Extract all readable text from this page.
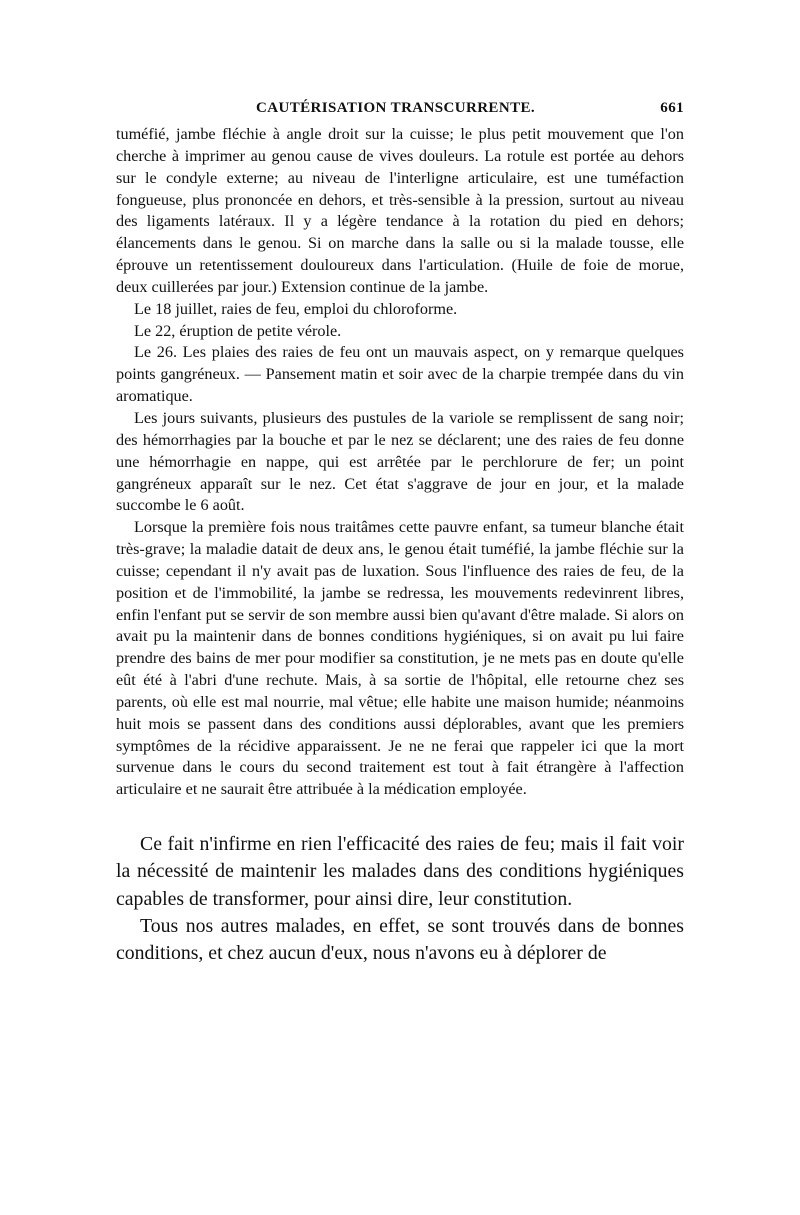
CAUTÉRISATION TRANSCURRENTE.	661

tuméfié, jambe fléchie à angle droit sur la cuisse; le plus petit mouvement que l'on cherche à imprimer au genou cause de vives douleurs. La rotule est portée au dehors sur le condyle externe; au niveau de l'interligne articulaire, est une tuméfaction fongueuse, plus prononcée en dehors, et très-sensible à la pression, surtout au niveau des ligaments latéraux. Il y a légère tendance à la rotation du pied en dehors; élancements dans le genou. Si on marche dans la salle ou si la malade tousse, elle éprouve un retentissement douloureux dans l'articulation. (Huile de foie de morue, deux cuillerées par jour.) Extension continue de la jambe.

Le 18 juillet, raies de feu, emploi du chloroforme.

Le 22, éruption de petite vérole.

Le 26. Les plaies des raies de feu ont un mauvais aspect, on y remarque quelques points gangréneux. — Pansement matin et soir avec de la charpie trempée dans du vin aromatique.

Les jours suivants, plusieurs des pustules de la variole se remplissent de sang noir; des hémorrhagies par la bouche et par le nez se déclarent; une des raies de feu donne une hémorrhagie en nappe, qui est arrêtée par le perchlorure de fer; un point gangréneux apparaît sur le nez. Cet état s'aggrave de jour en jour, et la malade succombe le 6 août.

Lorsque la première fois nous traitâmes cette pauvre enfant, sa tumeur blanche était très-grave; la maladie datait de deux ans, le genou était tuméfié, la jambe fléchie sur la cuisse; cependant il n'y avait pas de luxation. Sous l'influence des raies de feu, de la position et de l'immobilité, la jambe se redressa, les mouvements redevinrent libres, enfin l'enfant put se servir de son membre aussi bien qu'avant d'être malade. Si alors on avait pu la maintenir dans de bonnes conditions hygiéniques, si on avait pu lui faire prendre des bains de mer pour modifier sa constitution, je ne mets pas en doute qu'elle eût été à l'abri d'une rechute. Mais, à sa sortie de l'hôpital, elle retourne chez ses parents, où elle est mal nourrie, mal vêtue; elle habite une maison humide; néanmoins huit mois se passent dans des conditions aussi déplorables, avant que les premiers symptômes de la récidive apparaissent. Je ne ne ferai que rappeler ici que la mort survenue dans le cours du second traitement est tout à fait étrangère à l'affection articulaire et ne saurait être attribuée à la médication employée.

Ce fait n'infirme en rien l'efficacité des raies de feu; mais il fait voir la nécessité de maintenir les malades dans des conditions hygiéniques capables de transformer, pour ainsi dire, leur constitution.

Tous nos autres malades, en effet, se sont trouvés dans de bonnes conditions, et chez aucun d'eux, nous n'avons eu à déplorer de
